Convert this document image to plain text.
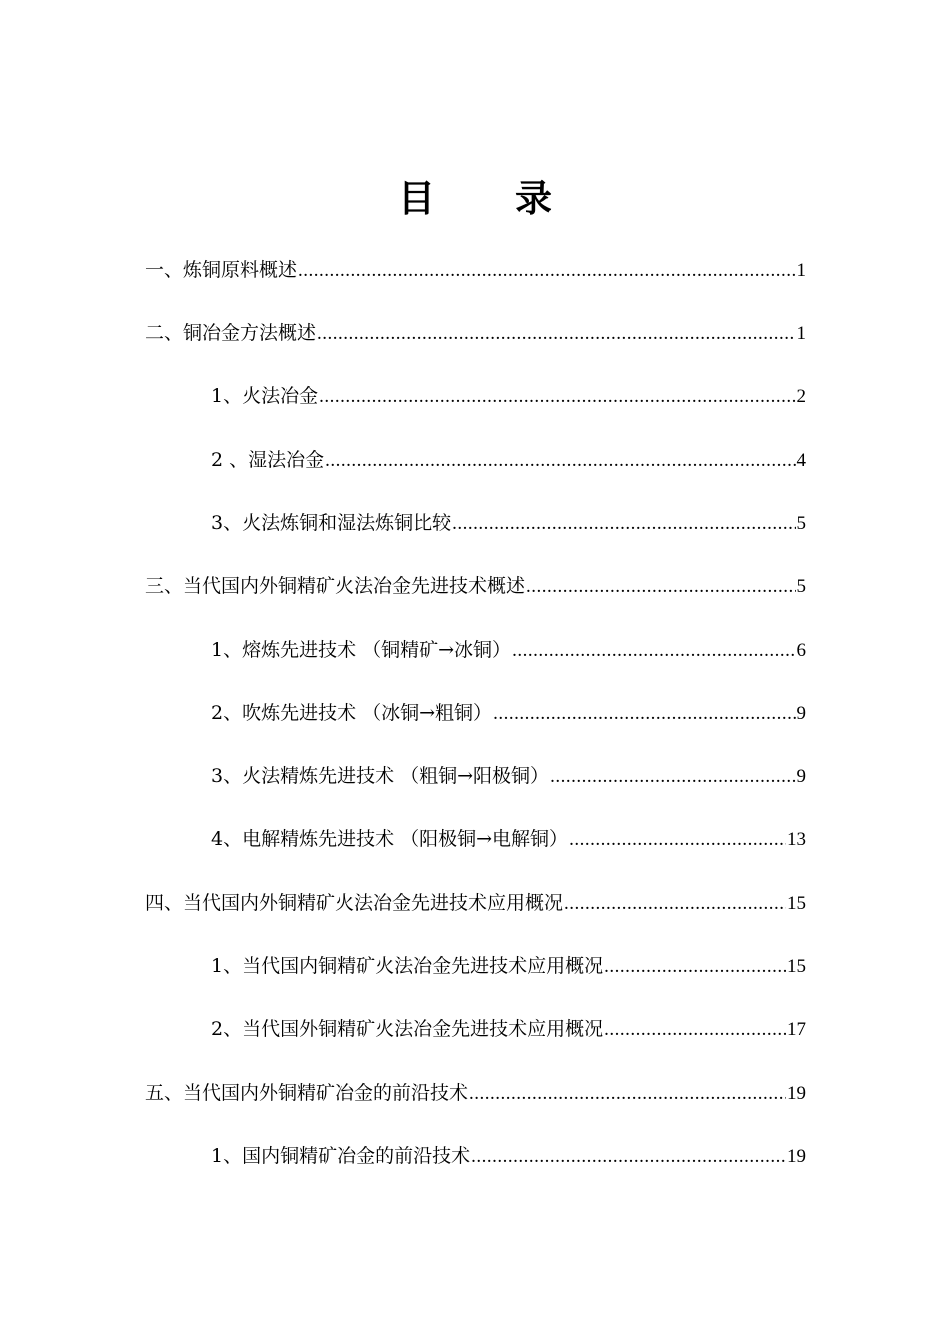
目 录
一、炼铜原料概述 .....	1
二、铜冶金方法概述 .....	1
1、火法冶金 .....	2
2 、湿法冶金 .....	4
3、火法炼铜和湿法炼铜比较 .....	5
三、当代国内外铜精矿火法冶金先进技术概述 .....	5
1、熔炼先进技术 （铜精矿→冰铜） .....	6
2、吹炼先进技术 （冰铜→粗铜） .....	9
3、火法精炼先进技术 （粗铜→阳极铜） .....	9
4、电解精炼先进技术 （阳极铜→电解铜） .....	13
四、当代国内外铜精矿火法冶金先进技术应用概况 .....	15
1、当代国内铜精矿火法冶金先进技术应用概况 .....	15
2、当代国外铜精矿火法冶金先进技术应用概况 .....	17
五、当代国内外铜精矿冶金的前沿技术 .....	19
1、国内铜精矿冶金的前沿技术 .....	19
